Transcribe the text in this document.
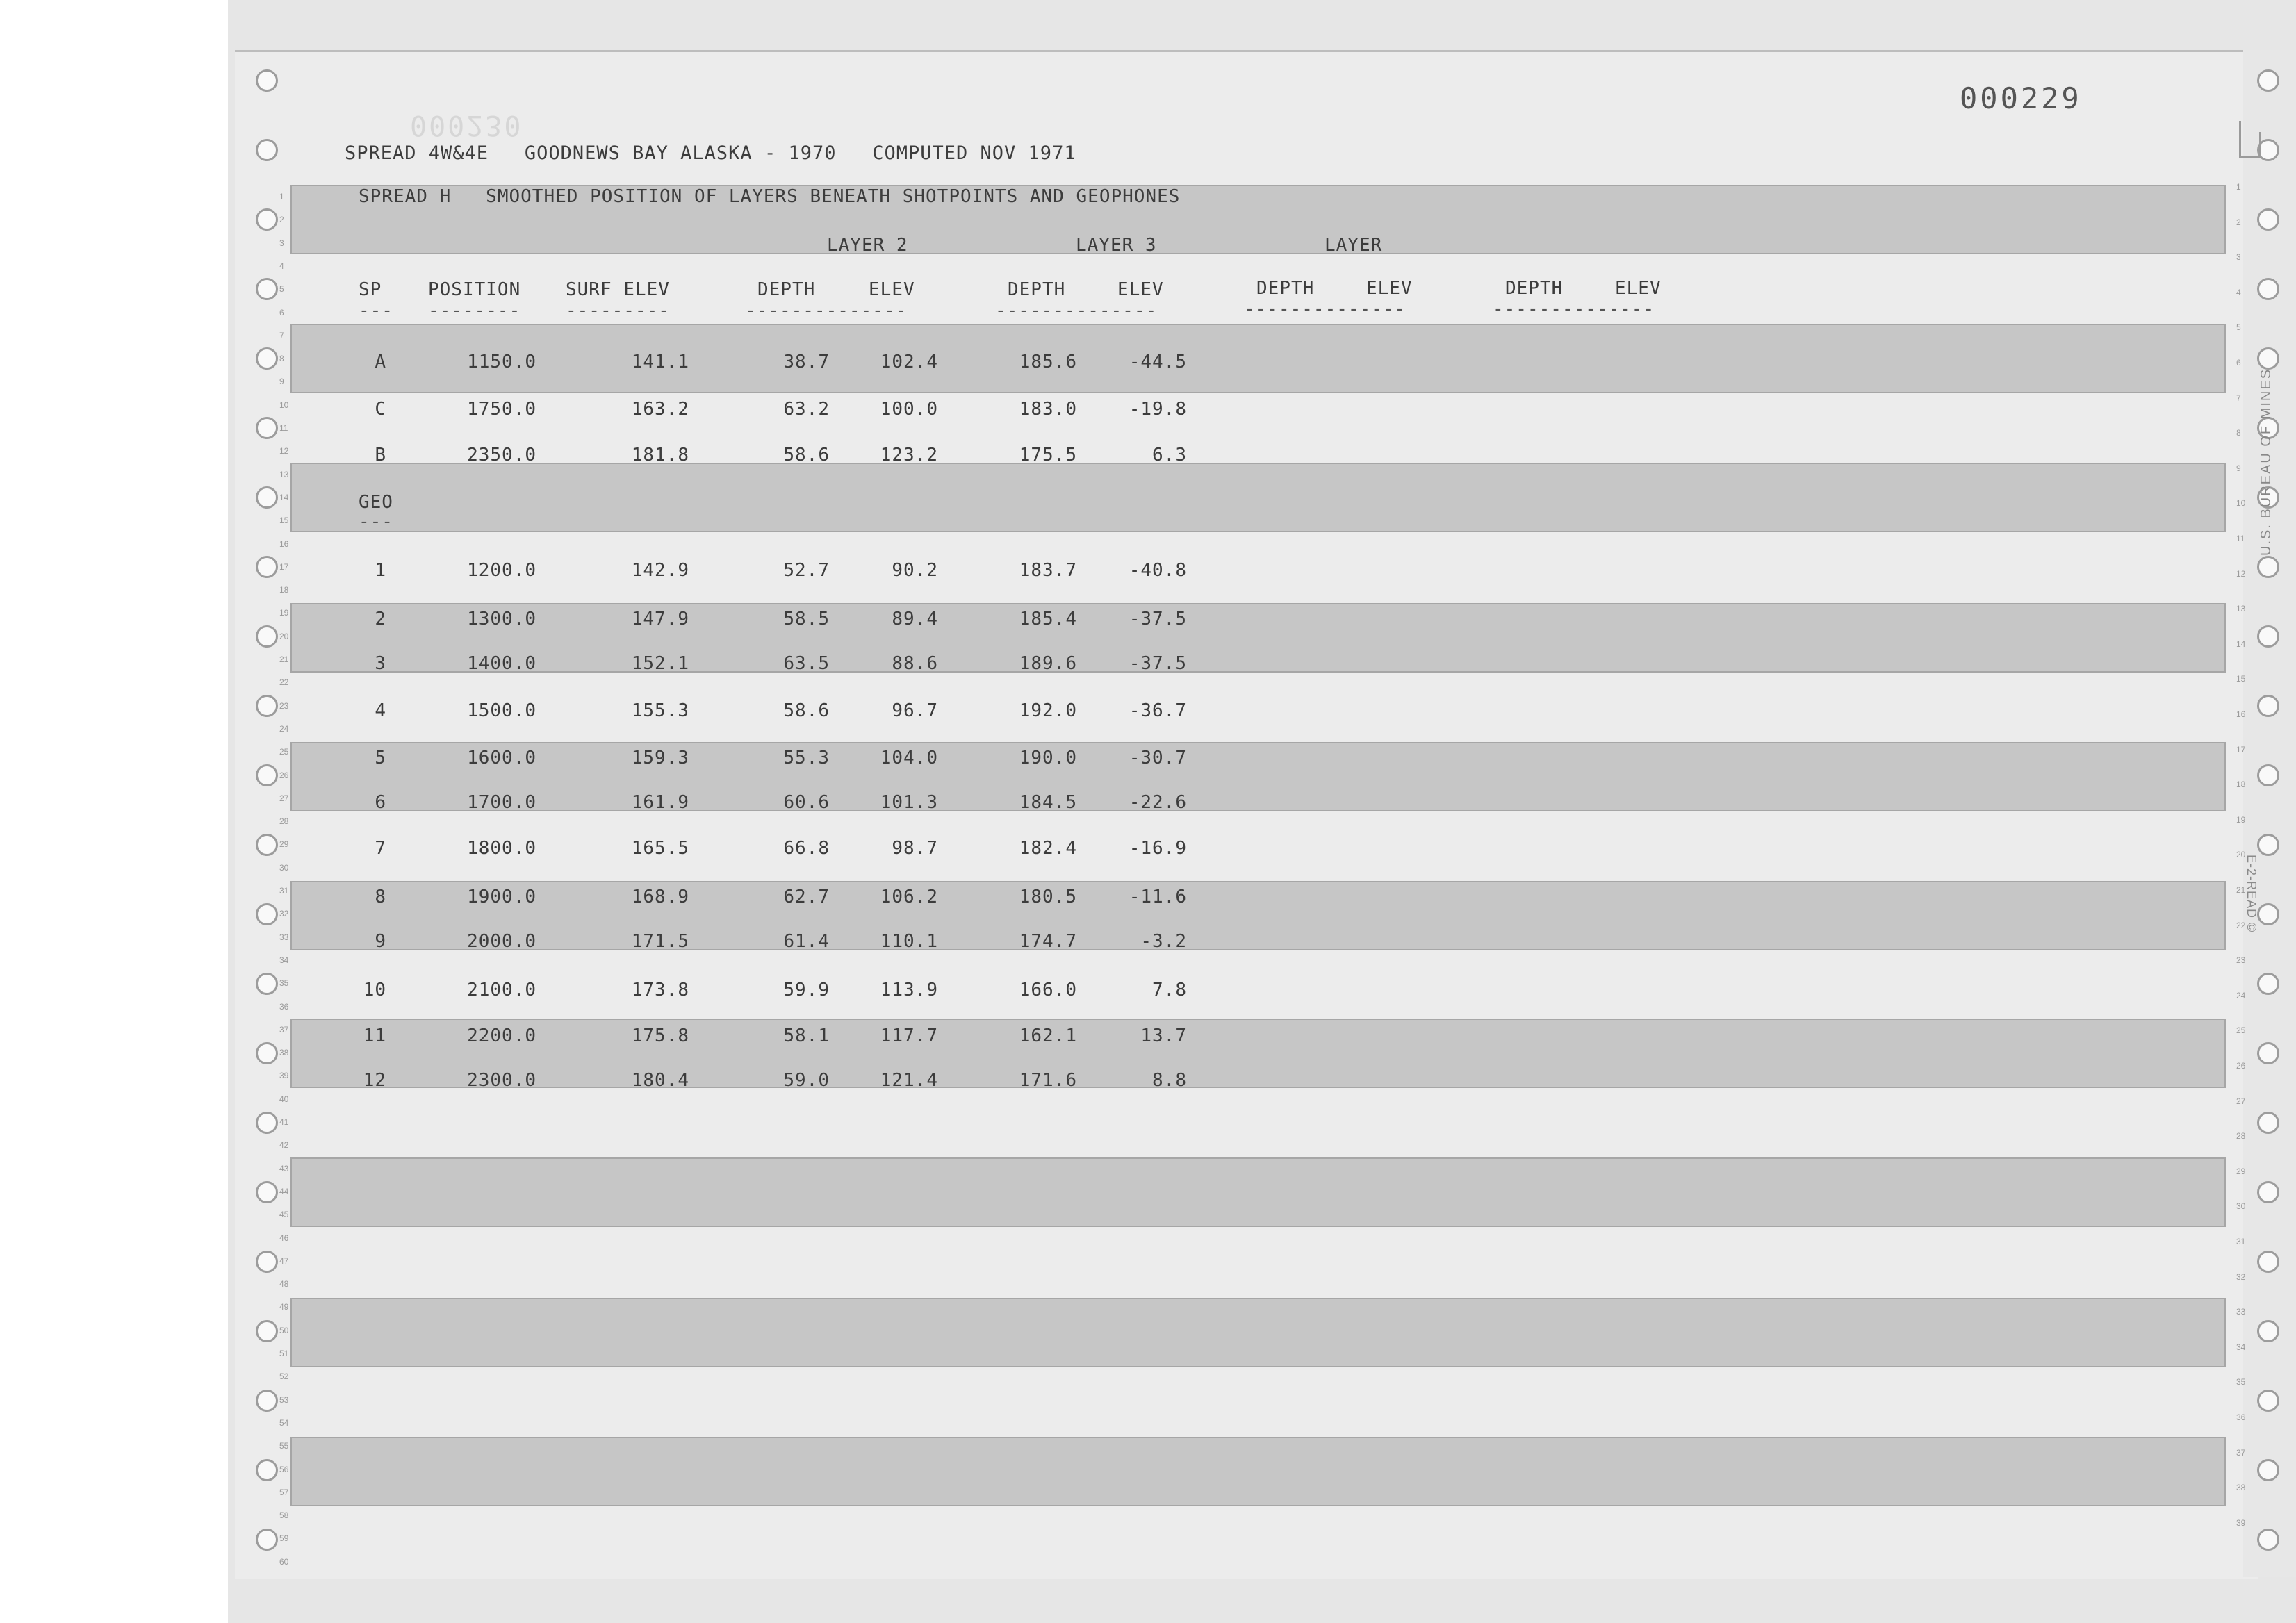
1
2
3
4
5
6
7
8
9
10
11
12
13
14
15
16
17
18
19
20
21
22
23
24
25
26
27
28
29
30
31
32
33
34
35
36
37
38
39
40
41
42
43
44
45
46
47
48
49
50
51
52
53
54
55
56
57
58
59
60
1
2
3
4
5
6
7
8
9
10
11
12
13
14
15
16
17
18
19
20
21
22
23
24
25
26
27
28
29
30
31
32
33
34
35
36
37
38
39
000230
000229
SPREAD 4W&4E   GOODNEWS BAY ALASKA - 1970   COMPUTED NOV 1971
SPREAD H   SMOOTHED POSITION OF LAYERS BENEATH SHOTPOINTS AND GEOPHONES
LAYER 2	LAYER 3	LAYER
SP	POSITION SURF ELEV	DEPTH	ELEV	DEPTH	ELEV	DEPTH	ELEV	DEPTH	ELEV
--- -------- ---------	--------------	--------------	--------------	--------------
A	1150.0	141.1	38.7	102.4	185.6	-44.5
C	1750.0	163.2	63.2	100.0	183.0	-19.8
B	2350.0	181.8	58.6	123.2	175.5	6.3
GEO
---
1	1200.0	142.9	52.7	90.2	183.7	-40.8
2	1300.0	147.9	58.5	89.4	185.4	-37.5
3	1400.0	152.1	63.5	88.6	189.6	-37.5
4	1500.0	155.3	58.6	96.7	192.0	-36.7
5	1600.0	159.3	55.3	104.0	190.0	-30.7
6	1700.0	161.9	60.6	101.3	184.5	-22.6
7	1800.0	165.5	66.8	98.7	182.4	-16.9
8	1900.0	168.9	62.7	106.2	180.5	-11.6
9	2000.0	171.5	61.4	110.1	174.7	-3.2
10	2100.0	173.8	59.9	113.9	166.0	7.8
11	2200.0	175.8	58.1	117.7	162.1	13.7
12	2300.0	180.4	59.0	121.4	171.6	8.8
U.S. BUREAU OF MINES
E-2-READ ©
